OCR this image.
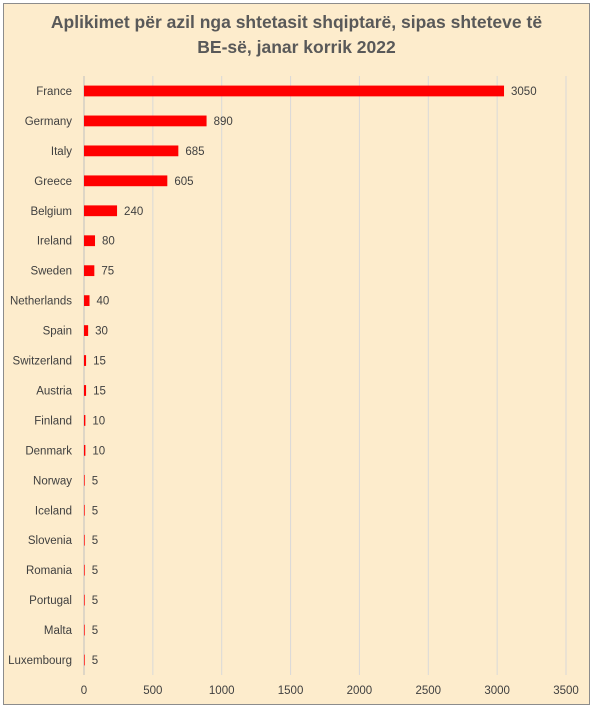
Aplikimet për azil nga shtetasit shqiptarë, sipas shteteve të
BE-së, janar korrik 2022
France
Germany
Italy
Greece
Belgium
Ireland
Sweden
Netherlands
Spain
Switzerland
Austria
Finland
Denmark
Norway
Iceland
Slovenia
Romania
Portugal
Malta
Luxembourg
3050
890
685
605
240
80
75
40
30
15
15
10
10
5
5
5
5
5
5
5
0	500	1000	1500	2000	2500	3000	3500
